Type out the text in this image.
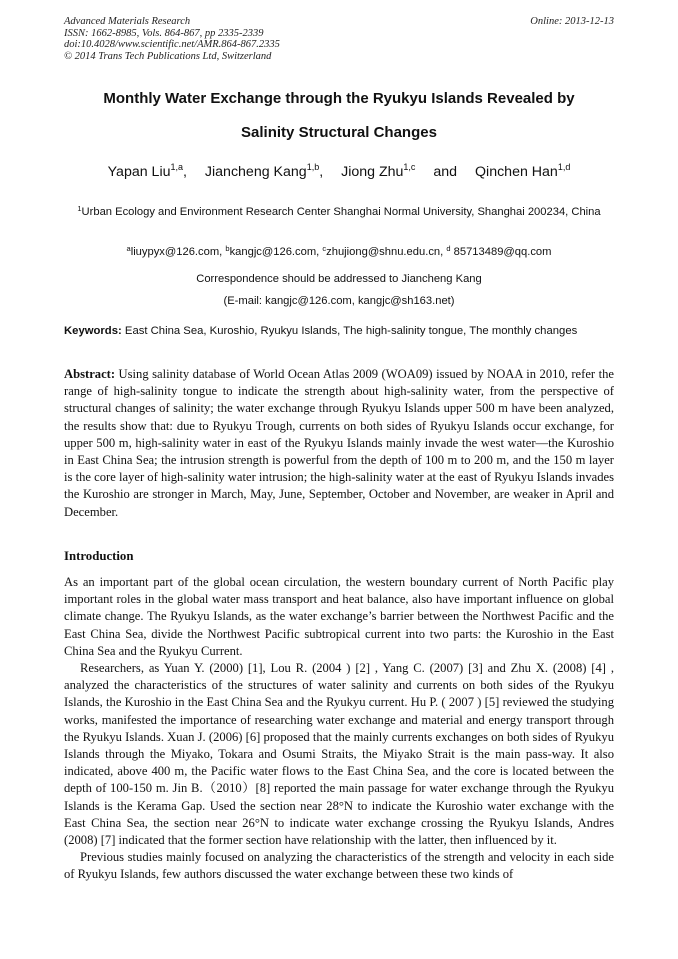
Advanced Materials Research
ISSN: 1662-8985, Vols. 864-867, pp 2335-2339
doi:10.4028/www.scientific.net/AMR.864-867.2335
© 2014 Trans Tech Publications Ltd, Switzerland
Online: 2013-12-13
Monthly Water Exchange through the Ryukyu Islands Revealed by
Salinity Structural Changes
Yapan Liu$^{1,a}$, Jiancheng Kang$^{1,b}$, Jiong Zhu$^{1,c}$ and Qinchen Han$^{1,d}$
$^1$Urban Ecology and Environment Research Center Shanghai Normal University, Shanghai 200234, China
$^a$liuypyx@126.com, $^b$kangjc@126.com, $^c$zhujiong@shnu.edu.cn, $^d$ 85713489@qq.com
Correspondence should be addressed to Jiancheng Kang
(E-mail: kangjc@126.com, kangjc@sh163.net)
Keywords: East China Sea, Kuroshio, Ryukyu Islands, The high-salinity tongue, The monthly changes
Abstract: Using salinity database of World Ocean Atlas 2009 (WOA09) issued by NOAA in 2010, refer the range of high-salinity tongue to indicate the strength about high-salinity water, from the perspective of structural changes of salinity; the water exchange through Ryukyu Islands upper 500 m have been analyzed, the results show that: due to Ryukyu Trough, currents on both sides of Ryukyu Islands occur exchange, for upper 500 m, high-salinity water in east of the Ryukyu Islands mainly invade the west water—the Kuroshio in East China Sea; the intrusion strength is powerful from the depth of 100 m to 200 m, and the 150 m layer is the core layer of high-salinity water intrusion; the high-salinity water at the east of Ryukyu Islands invades the Kuroshio are stronger in March, May, June, September, October and November, are weaker in April and December.
Introduction

As an important part of the global ocean circulation, the western boundary current of North Pacific play important roles in the global water mass transport and heat balance, also have important influence on global climate change. The Ryukyu Islands, as the water exchange’s barrier between the Northwest Pacific and the East China Sea, divide the Northwest Pacific subtropical current into two parts: the Kuroshio in the East China Sea and the Ryukyu Current.

Researchers, as Yuan Y. (2000) [1], Lou R. (2004 ) [2] , Yang C. (2007) [3] and Zhu X. (2008) [4] , analyzed the characteristics of the structures of water salinity and currents on both sides of the Ryukyu Islands, the Kuroshio in the East China Sea and the Ryukyu current. Hu P. ( 2007 ) [5] reviewed the studying works, manifested the importance of researching water exchange and material and energy transport through the Ryukyu Islands. Xuan J. (2006) [6] proposed that the mainly currents exchanges on both sides of Ryukyu Islands through the Miyako, Tokara and Osumi Straits, the Miyako Strait is the main pass-way. It also indicated, above 400 m, the Pacific water flows to the East China Sea, and the core is located between the depth of 100-150 m. Jin B.（2010）[8] reported the main passage for water exchange through the Ryukyu Islands is the Kerama Gap. Used the section near 28°N to indicate the Kuroshio water exchange with the East China Sea, the section near 26°N to indicate water exchange crossing the Ryukyu Islands, Andres (2008) [7] indicated that the former section have relationship with the latter, then influenced by it.

Previous studies mainly focused on analyzing the characteristics of the strength and velocity in each side of Ryukyu Islands, few authors discussed the water exchange between these two kinds of
